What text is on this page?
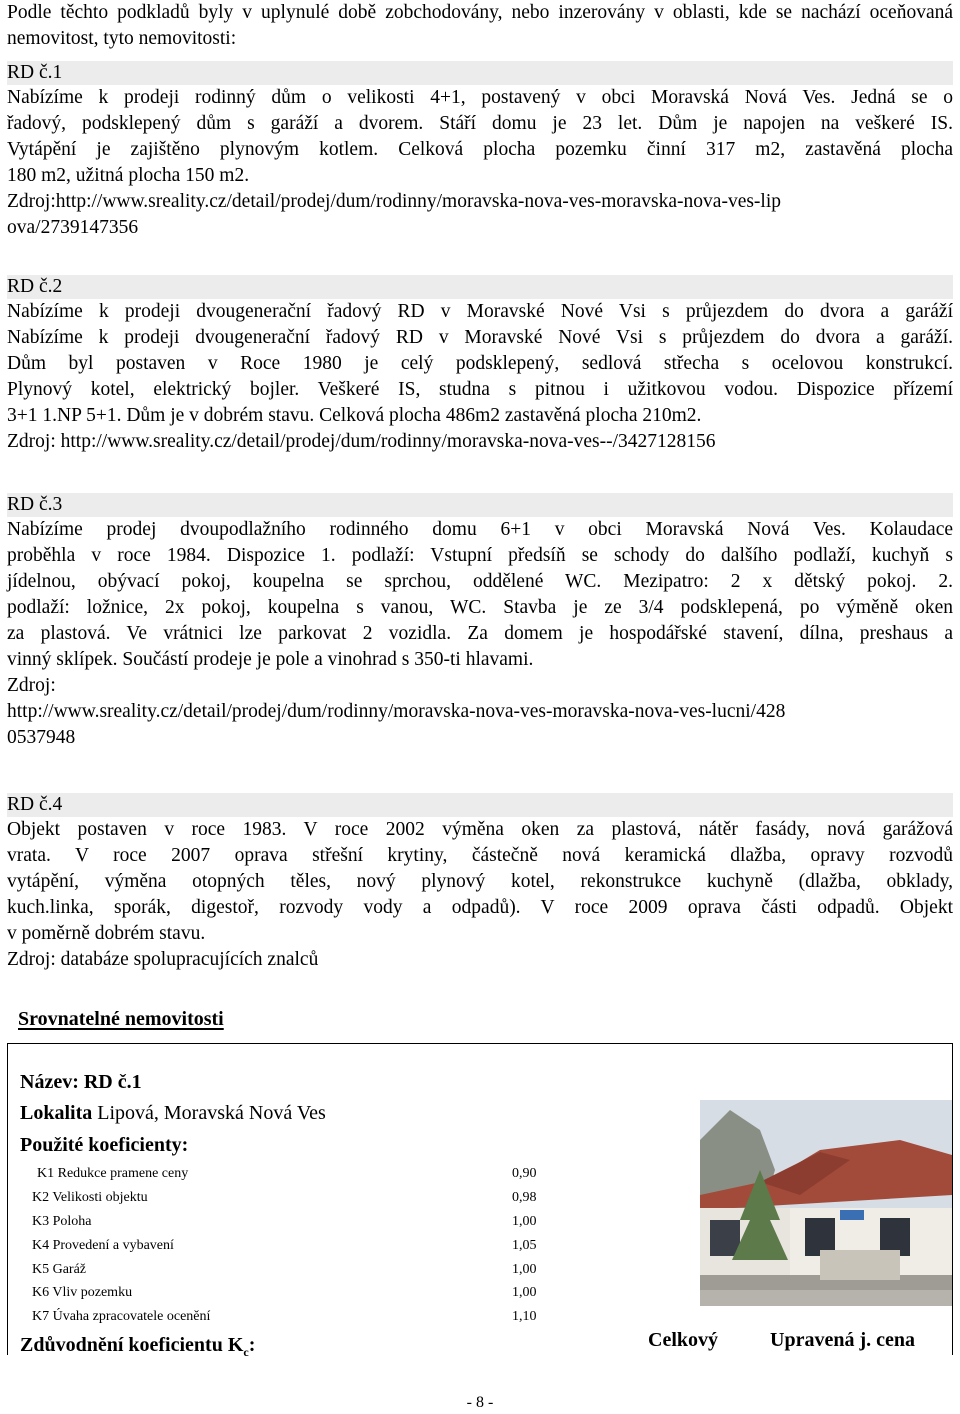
Podle těchto podkladů byly v uplynulé době zobchodovány, nebo inzerovány v oblasti, kde se nachází oceňovaná nemovitost, tyto nemovitosti:

RD č.1

Nabízíme k prodeji rodinný dům o velikosti 4+1, postavený v obci Moravská Nová Ves. Jedná se o

řadový, podsklepený dům s garáží a dvorem. Stáří domu je 23 let. Dům je napojen na veškeré IS.

Vytápění je zajištěno plynovým kotlem. Celková plocha pozemku činní 317 m2, zastavěná plocha

180 m2, užitná plocha 150 m2.

Zdroj:http://www.sreality.cz/detail/prodej/dum/rodinny/moravska-nova-ves-moravska-nova-ves-lip

ova/2739147356

RD č.2

Nabízíme k prodeji dvougenerační řadový RD v Moravské Nové Vsi s průjezdem do dvora a garáží

Nabízíme k prodeji dvougenerační řadový RD v Moravské Nové Vsi s průjezdem do dvora a garáží.

Dům byl postaven v Roce 1980 je celý podsklepený, sedlová střecha s ocelovou konstrukcí.

Plynový kotel, elektrický bojler. Veškeré IS, studna s pitnou i užitkovou vodou. Dispozice přízemí

3+1 1.NP 5+1. Dům je v dobrém stavu. Celková plocha 486m2 zastavěná plocha 210m2.

Zdroj: http://www.sreality.cz/detail/prodej/dum/rodinny/moravska-nova-ves--/3427128156

RD č.3

Nabízíme prodej dvoupodlažního rodinného domu 6+1 v obci Moravská Nová Ves. Kolaudace

proběhla v roce 1984. Dispozice 1. podlaží: Vstupní předsíň se schody do dalšího podlaží, kuchyň s

jídelnou, obývací pokoj, koupelna se sprchou, oddělené WC. Mezipatro: 2 x dětský pokoj. 2.

podlaží: ložnice, 2x pokoj, koupelna s vanou, WC. Stavba je ze 3/4 podsklepená, po výměně oken

za plastová. Ve vrátnici lze parkovat 2 vozidla. Za domem je hospodářské stavení, dílna, preshaus a

vinný sklípek. Součástí prodeje je pole a vinohrad s 350-ti hlavami.

Zdroj:

http://www.sreality.cz/detail/prodej/dum/rodinny/moravska-nova-ves-moravska-nova-ves-lucni/428

0537948

RD č.4

Objekt postaven v roce 1983. V roce 2002 výměna oken za plastová, nátěr fasády, nová garážová

vrata. V roce 2007 oprava střešní krytiny, částečně nová keramická dlažba, opravy rozvodů

vytápění, výměna otopných těles, nový plynový kotel, rekonstrukce kuchyně (dlažba, obklady,

kuch.linka, sporák, digestoř, rozvody vody a odpadů). V roce 2009 oprava části odpadů. Objekt

v poměrně dobrém stavu.

Zdroj: databáze spolupracujících znalců

Srovnatelné nemovitosti
Název: RD č.1
Lokalita Lipová, Moravská Nová Ves
Použité koeficienty:
K1 Redukce pramene ceny	0,90
K2 Velikosti objektu	0,98
K3 Poloha	1,00
K4 Provedení a vybavení	1,05
K5 Garáž	1,00
K6 Vliv pozemku	1,00
K7 Úvaha zpracovatele ocenění	1,10
Zdůvodnění koeficientu $K_c$:	Celkový	Upravená j. cena
- 8 -
